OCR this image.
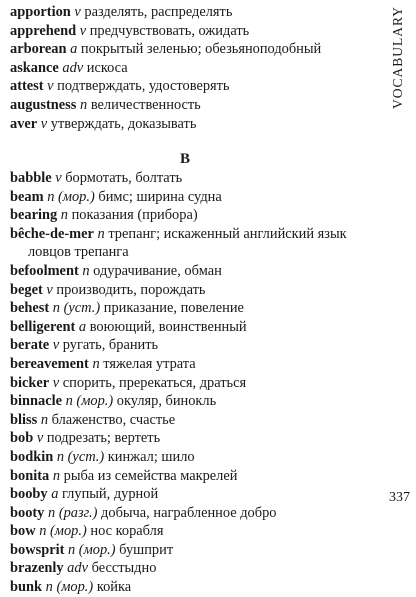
VOCABULARY
apportion v разделять, распределять
apprehend v предчувствовать, ожидать
arborean a покрытый зеленью; обезьяноподобный
askance adv искоса
attest v подтверждать, удостоверять
augustness n величественность
aver v утверждать, доказывать
B
babble v бормотать, болтать
beam n (мор.) бимс; ширина судна
bearing n показания (прибора)
bêche-de-mer n трепанг; искаженный английский язык
ловцов трепанга
befoolment n одурачивание, обман
beget v производить, порождать
behest n (уст.) приказание, повеление
belligerent a воюющий, воинственный
berate v ругать, бранить
bereavement n тяжелая утрата
bicker v спорить, пререкаться, драться
binnacle n (мор.) окуляр, бинокль
bliss n блаженство, счастье
bob v подрезать; вертеть
bodkin n (уст.) кинжал; шило
bonita n рыба из семейства макрелей
booby a глупый, дурной
booty n (разг.) добыча, награбленное добро
bow n (мор.) нос корабля
bowsprit n (мор.) бушприт
brazenly adv бесстыдно
bunk n (мор.) койка
337
